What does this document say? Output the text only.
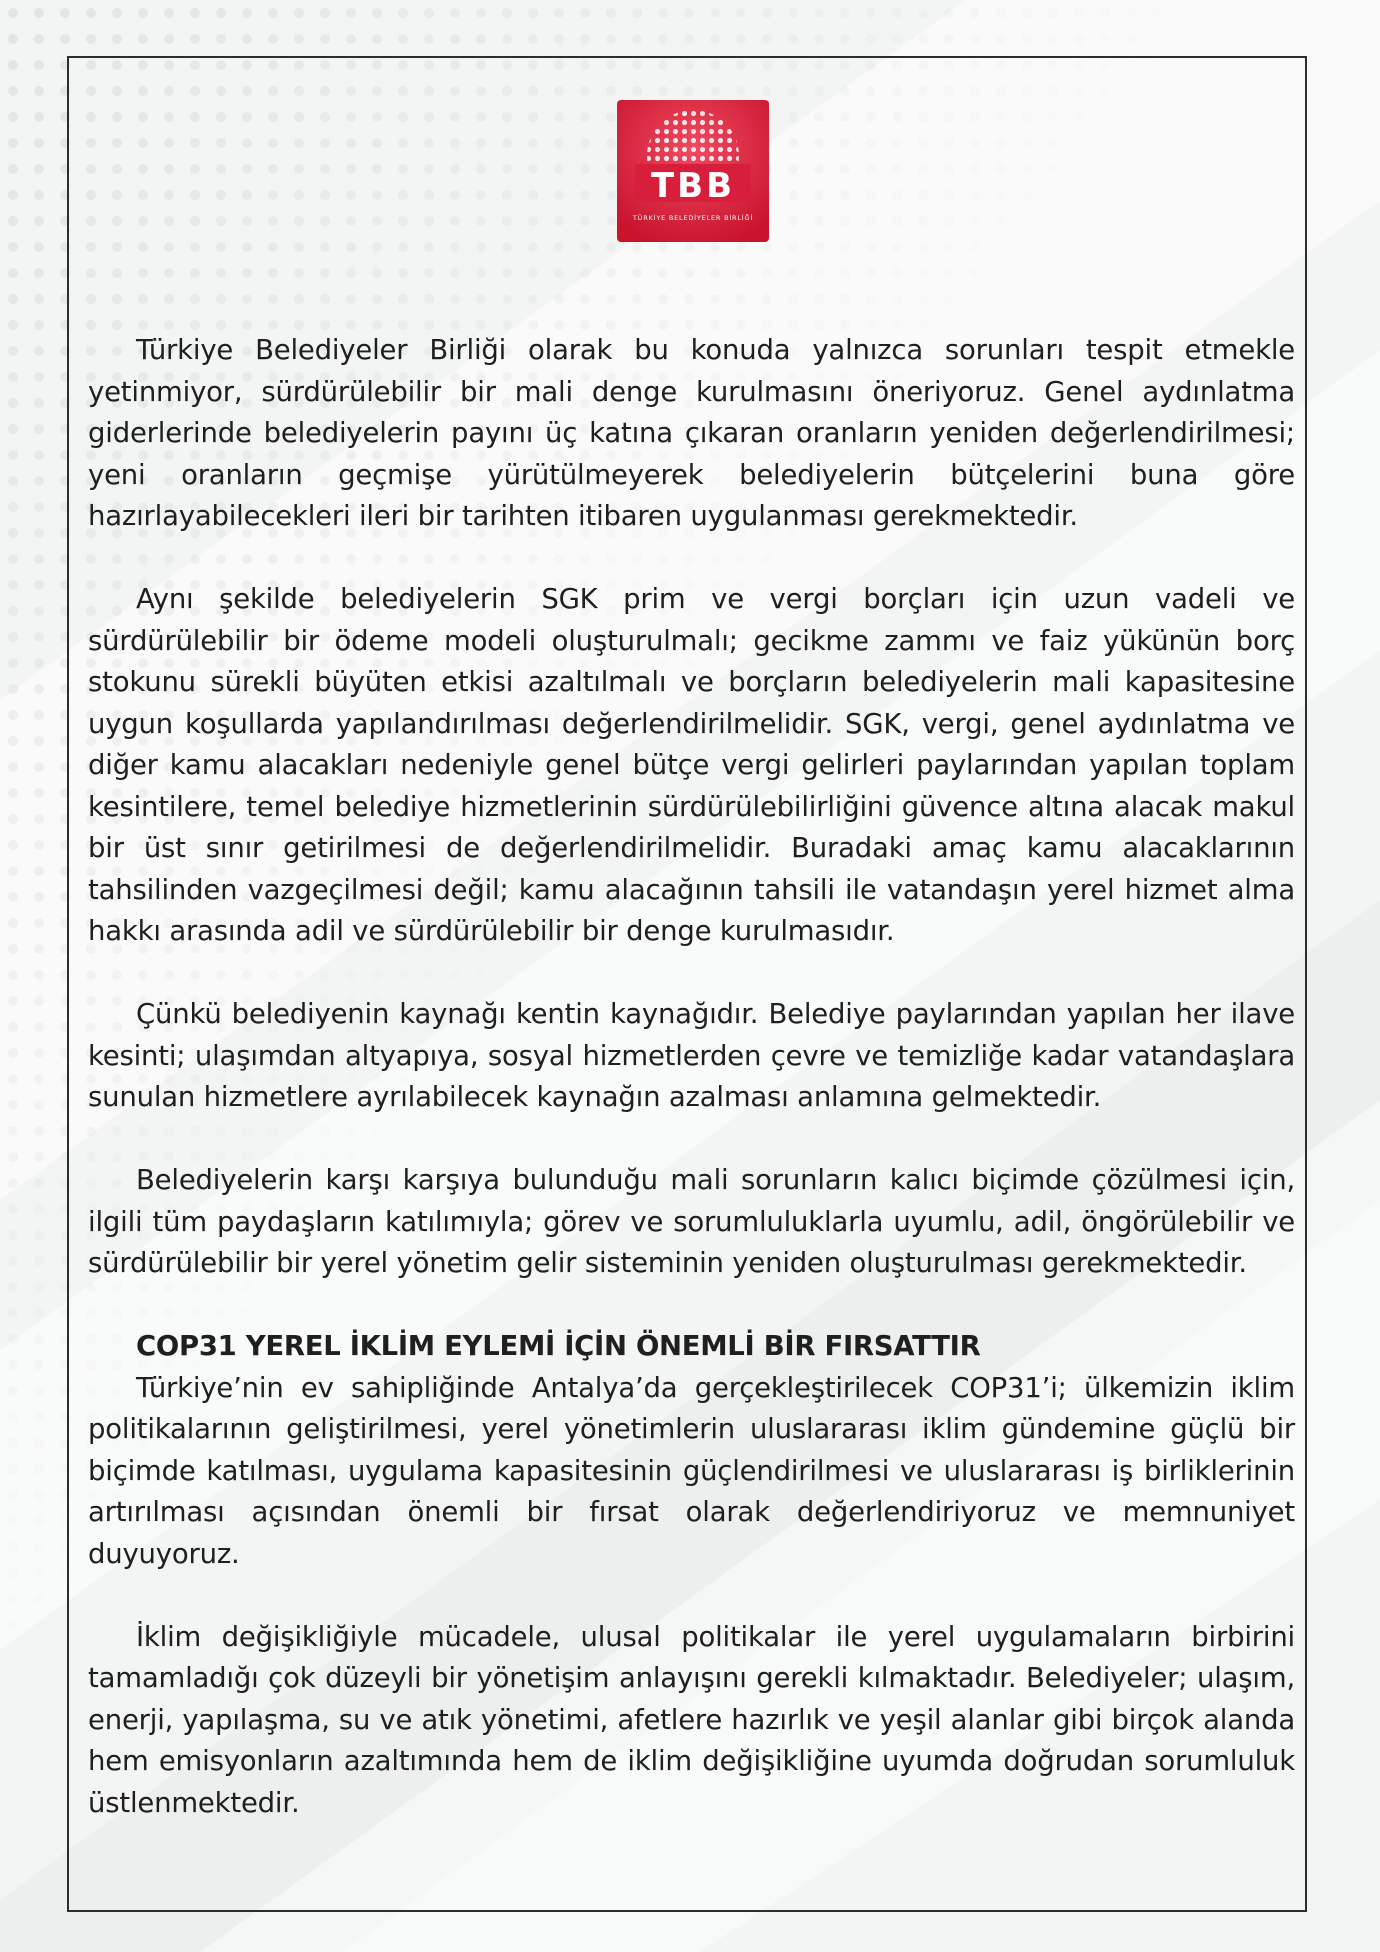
TBB
TÜRKİYE BELEDİYELER BİRLİĞİ

Türkiye Belediyeler Birliği olarak bu konuda yalnızca sorunları tespit etmekle yetinmiyor, sürdürülebilir bir mali denge kurulmasını öneriyoruz. Genel aydınlatma giderlerinde belediyelerin payını üç katına çıkaran oranların yeniden değerlendirilmesi; yeni oranların geçmişe yürütülmeyerek belediyelerin bütçelerini buna göre hazırlayabilecekleri ileri bir tarihten itibaren uygulanması gerekmektedir.

Aynı şekilde belediyelerin SGK prim ve vergi borçları için uzun vadeli ve sürdürülebilir bir ödeme modeli oluşturulmalı; gecikme zammı ve faiz yükünün borç stokunu sürekli büyüten etkisi azaltılmalı ve borçların belediyelerin mali kapasitesine uygun koşullarda yapılandırılması değerlendirilmelidir. SGK, vergi, genel aydınlatma ve diğer kamu alacakları nedeniyle genel bütçe vergi gelirleri paylarından yapılan toplam kesintilere, temel belediye hizmetlerinin sürdürülebilirliğini güvence altına alacak makul bir üst sınır getirilmesi de değerlendirilmelidir. Buradaki amaç kamu alacaklarının tahsilinden vazgeçilmesi değil; kamu alacağının tahsili ile vatandaşın yerel hizmet alma hakkı arasında adil ve sürdürülebilir bir denge kurulmasıdır.

Çünkü belediyenin kaynağı kentin kaynağıdır. Belediye paylarından yapılan her ilave kesinti; ulaşımdan altyapıya, sosyal hizmetlerden çevre ve temizliğe kadar vatandaşlara sunulan hizmetlere ayrılabilecek kaynağın azalması anlamına gelmektedir.

Belediyelerin karşı karşıya bulunduğu mali sorunların kalıcı biçimde çözülmesi için, ilgili tüm paydaşların katılımıyla; görev ve sorumluluklarla uyumlu, adil, öngörülebilir ve sürdürülebilir bir yerel yönetim gelir sisteminin yeniden oluşturulması gerekmektedir.

COP31 YEREL İKLİM EYLEMİ İÇİN ÖNEMLİ BİR FIRSATTIR

Türkiye’nin ev sahipliğinde Antalya’da gerçekleştirilecek COP31’i; ülkemizin iklim politikalarının geliştirilmesi, yerel yönetimlerin uluslararası iklim gündemine güçlü bir biçimde katılması, uygulama kapasitesinin güçlendirilmesi ve uluslararası iş birliklerinin artırılması açısından önemli bir fırsat olarak değerlendiriyoruz ve memnuniyet duyuyoruz.

İklim değişikliğiyle mücadele, ulusal politikalar ile yerel uygulamaların birbirini tamamladığı çok düzeyli bir yönetişim anlayışını gerekli kılmaktadır. Belediyeler; ulaşım, enerji, yapılaşma, su ve atık yönetimi, afetlere hazırlık ve yeşil alanlar gibi birçok alanda hem emisyonların azaltımında hem de iklim değişikliğine uyumda doğrudan sorumluluk üstlenmektedir.
